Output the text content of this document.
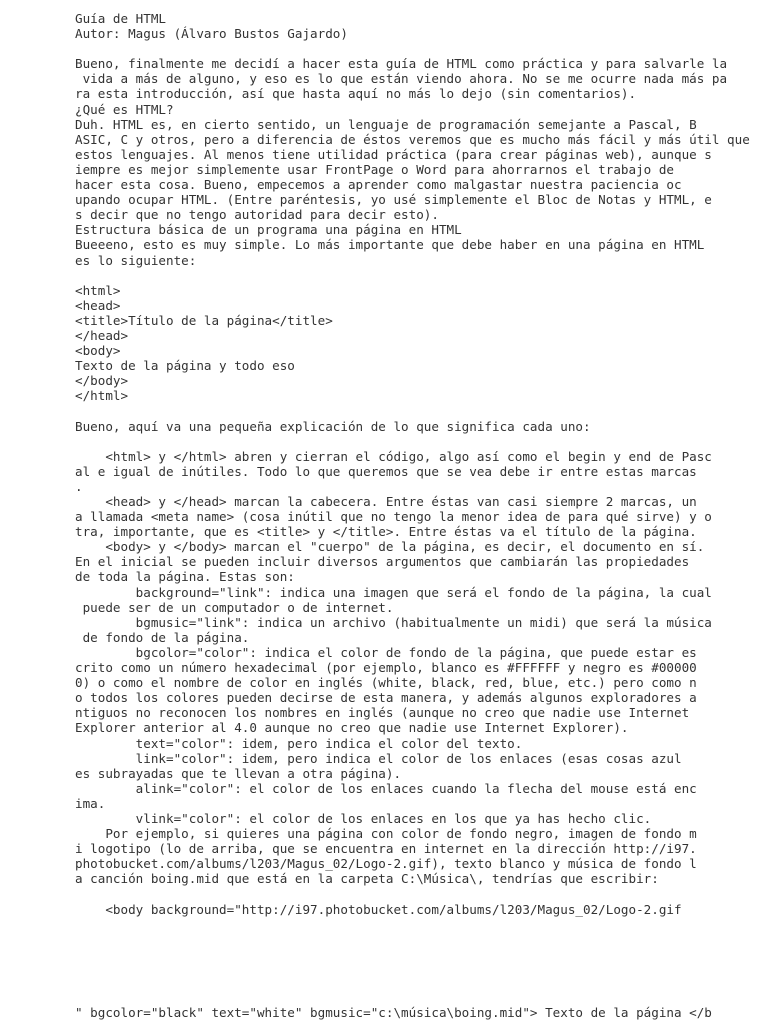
Guía de HTML
Autor: Magus (Álvaro Bustos Gajardo)
Bueno, finalmente me decidí a hacer esta guía de HTML como práctica y para salvarle la
vida a más de alguno, y eso es lo que están viendo ahora. No se me ocurre nada más pa
ra esta introducción, así que hasta aquí no más lo dejo (sin comentarios).
¿Qué es HTML?
Duh. HTML es, en cierto sentido, un lenguaje de programación semejante a Pascal, B
ASIC, C y otros, pero a diferencia de éstos veremos que es mucho más fácil y más útil que
estos lenguajes. Al menos tiene utilidad práctica (para crear páginas web), aunque s
iempre es mejor simplemente usar FrontPage o Word para ahorrarnos el trabajo de
hacer esta cosa. Bueno, empecemos a aprender como malgastar nuestra paciencia oc
upando ocupar HTML. (Entre paréntesis, yo usé simplemente el Bloc de Notas y HTML, e
s decir que no tengo autoridad para decir esto).
Estructura básica de un programa una página en HTML
Bueeeno, esto es muy simple. Lo más importante que debe haber en una página en HTML
es lo siguiente:
<html>
<head>
<title>Título de la página</title>
</head>
<body>
Texto de la página y todo eso
</body>
</html>
Bueno, aquí va una pequeña explicación de lo que significa cada uno:
<html> y </html> abren y cierran el código, algo así como el begin y end de Pasc
al e igual de inútiles. Todo lo que queremos que se vea debe ir entre estas marcas
.
<head> y </head> marcan la cabecera. Entre éstas van casi siempre 2 marcas, un
a llamada <meta name> (cosa inútil que no tengo la menor idea de para qué sirve) y o
tra, importante, que es <title> y </title>. Entre éstas va el título de la página.
<body> y </body> marcan el "cuerpo" de la página, es decir, el documento en sí.
En el inicial se pueden incluir diversos argumentos que cambiarán las propiedades
de toda la página. Estas son:
background="link": indica una imagen que será el fondo de la página, la cual
puede ser de un computador o de internet.
bgmusic="link": indica un archivo (habitualmente un midi) que será la música
de fondo de la página.
bgcolor="color": indica el color de fondo de la página, que puede estar es
crito como un número hexadecimal (por ejemplo, blanco es #FFFFFF y negro es #00000
0) o como el nombre de color en inglés (white, black, red, blue, etc.) pero como n
o todos los colores pueden decirse de esta manera, y además algunos exploradores a
ntiguos no reconocen los nombres en inglés (aunque no creo que nadie use Internet
Explorer anterior al 4.0 aunque no creo que nadie use Internet Explorer).
text="color": idem, pero indica el color del texto.
link="color": idem, pero indica el color de los enlaces (esas cosas azul
es subrayadas que te llevan a otra página).
alink="color": el color de los enlaces cuando la flecha del mouse está enc
ima.
vlink="color": el color de los enlaces en los que ya has hecho clic.
Por ejemplo, si quieres una página con color de fondo negro, imagen de fondo m
i logotipo (lo de arriba, que se encuentra en internet en la dirección http://i97.
photobucket.com/albums/l203/Magus_02/Logo-2.gif), texto blanco y música de fondo l
a canción boing.mid que está en la carpeta C:\Música\, tendrías que escribir:
<body background="http://i97.photobucket.com/albums/l203/Magus_02/Logo-2.gif
" bgcolor="black" text="white" bgmusic="c:\música\boing.mid"> Texto de la página </b
